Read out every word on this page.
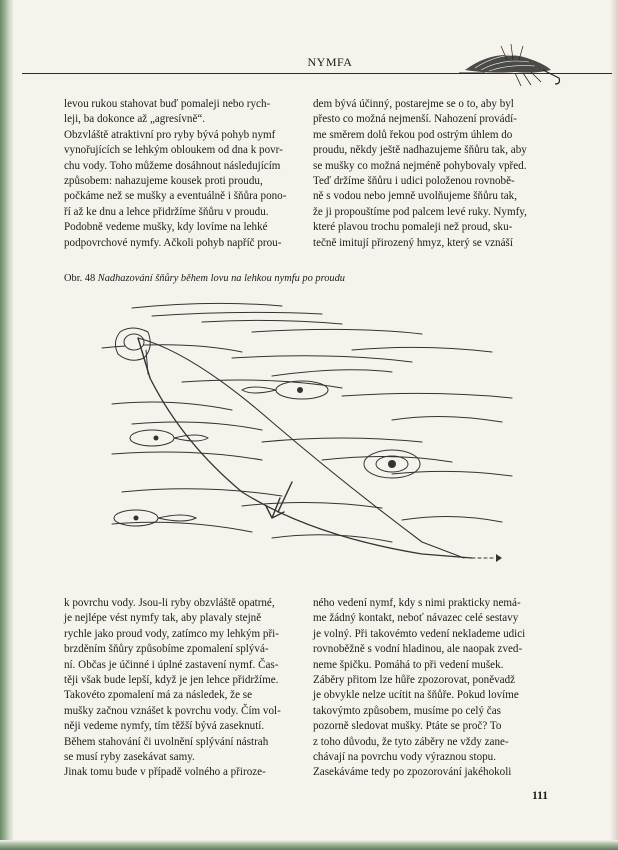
NYMFA

levou rukou stahovat buď pomaleji nebo rych-

leji, ba dokonce až „agresívně“.

Obzvláště atraktivní pro ryby bývá pohyb nymf

vynořujících se lehkým obloukem od dna k povr-

chu vody. Toho můžeme dosáhnout následujícím

způsobem: nahazujeme kousek proti proudu,

počkáme než se mušky a eventuálně i šňůra pono-

ří až ke dnu a lehce přidržíme šňůru v proudu.

Podobně vedeme mušky, kdy lovíme na lehké

podpovrchové nymfy. Ačkoli pohyb napříč prou-

dem bývá účinný, postarejme se o to, aby byl

přesto co možná nejmenší. Nahození provádí-

me směrem dolů řekou pod ostrým úhlem do

proudu, někdy ještě nadhazujeme šňůru tak, aby

se mušky co možná nejméně pohybovaly vpřed.

Teď držíme šňůru i udici položenou rovnobě-

ně s vodou nebo jemně uvolňujeme šňůru tak,

že ji propouštíme pod palcem levé ruky. Nymfy,

které plavou trochu pomaleji než proud, sku-

tečně imitují přirozený hmyz, který se vznáší

Obr. 48 Nadhazování šňůry během lovu na lehkou nymfu po proudu

k povrchu vody. Jsou-li ryby obzvláště opatrné,

je nejlépe vést nymfy tak, aby plavaly stejně

rychle jako proud vody, zatímco my lehkým při-

brzděním šňůry způsobíme zpomalení splývá-

ní. Občas je účinné i úplné zastavení nymf. Čas-

těji však bude lepší, když je jen lehce přidržíme.

Takovéto zpomalení má za následek, že se

mušky začnou vznášet k povrchu vody. Čím vol-

něji vedeme nymfy, tím těžší bývá zaseknutí.

Během stahování či uvolnění splývání nástrah

se musí ryby zasekávat samy.

Jinak tomu bude v případě volného a přiroze-

ného vedení nymf, kdy s nimi prakticky nemá-

me žádný kontakt, neboť návazec celé sestavy

je volný. Při takovémto vedení neklademe udici

rovnoběžně s vodní hladinou, ale naopak zved-

neme špičku. Pomáhá to při vedení mušek.

Záběry přitom lze hůře zpozorovat, poněvadž

je obvykle nelze ucítit na šňůře. Pokud lovíme

takovýmto způsobem, musíme po celý čas

pozorně sledovat mušky. Ptáte se proč? To

z toho důvodu, že tyto záběry ne vždy zane-

chávají na povrchu vody výraznou stopu.

Zasekáváme tedy po zpozorování jakéhokoli

111
